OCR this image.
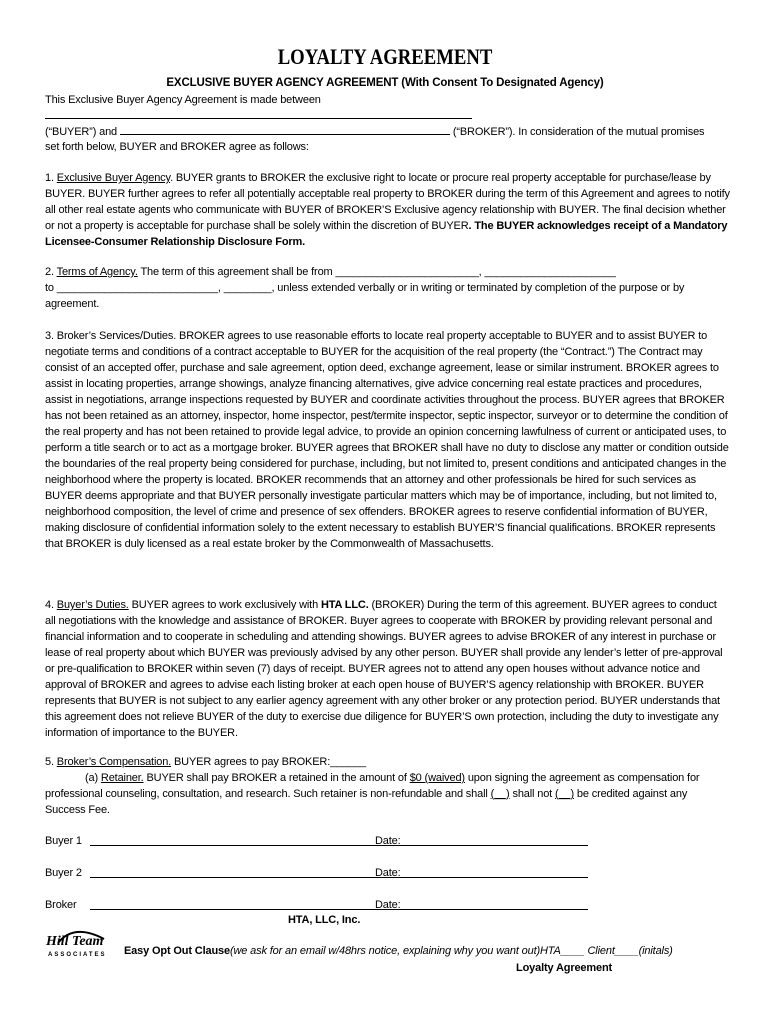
LOYALTY AGREEMENT
EXCLUSIVE BUYER AGENCY AGREEMENT (With Consent To Designated Agency)
This Exclusive Buyer Agency Agreement is made between
(“BUYER”) and	(“BROKER”). In consideration of the mutual promises
set forth below, BUYER and BROKER agree as follows:

1. Exclusive Buyer Agency. BUYER grants to BROKER the exclusive right to locate or procure real property acceptable for purchase/lease by BUYER. BUYER further agrees to refer all potentially acceptable real property to BROKER during the term of this Agreement and agrees to notify all other real estate agents who communicate with BUYER of BROKER’S Exclusive agency relationship with BUYER. The final decision whether or not a property is acceptable for purchase shall be solely within the discretion of BUYER. The BUYER acknowledges receipt of a Mandatory Licensee-Consumer Relationship Disclosure Form.

2. Terms of Agency. The term of this agreement shall be from ________________________, ______________________
to ___________________________, ________, unless extended verbally or in writing or terminated by completion of the purpose or by agreement.

3. Broker’s Services/Duties. BROKER agrees to use reasonable efforts to locate real property acceptable to BUYER and to assist BUYER to negotiate terms and conditions of a contract acceptable to BUYER for the acquisition of the real property (the “Contract.”) The Contract may consist of an accepted offer, purchase and sale agreement, option deed, exchange agreement, lease or similar instrument. BROKER agrees to assist in locating properties, arrange showings, analyze financing alternatives, give advice concerning real estate practices and procedures, assist in negotiations, arrange inspections requested by BUYER and coordinate activities throughout the process. BUYER agrees that BROKER has not been retained as an attorney, inspector, home inspector, pest/termite inspector, septic inspector, surveyor or to determine the condition of the real property and has not been retained to provide legal advice, to provide an opinion concerning lawfulness of current or anticipated uses, to perform a title search or to act as a mortgage broker. BUYER agrees that BROKER shall have no duty to disclose any matter or condition outside the boundaries of the real property being considered for purchase, including, but not limited to, present conditions and anticipated changes in the neighborhood where the property is located. BROKER recommends that an attorney and other professionals be hired for such services as BUYER deems appropriate and that BUYER personally investigate particular matters which may be of importance, including, but not limited to, neighborhood composition, the level of crime and presence of sex offenders. BROKER agrees to reserve confidential information of BUYER, making disclosure of confidential information solely to the extent necessary to establish BUYER’S financial qualifications. BROKER represents that BROKER is duly licensed as a real estate broker by the Commonwealth of Massachusetts.

4. Buyer’s Duties. BUYER agrees to work exclusively with HTA LLC. (BROKER) During the term of this agreement. BUYER agrees to conduct all negotiations with the knowledge and assistance of BROKER. Buyer agrees to cooperate with BROKER by providing relevant personal and financial information and to cooperate in scheduling and attending showings. BUYER agrees to advise BROKER of any interest in purchase or lease of real property about which BUYER was previously advised by any other person. BUYER shall provide any lender’s letter of pre-approval or pre-qualification to BROKER within seven (7) days of receipt. BUYER agrees not to attend any open houses without advance notice and approval of BROKER and agrees to advise each listing broker at each open house of BUYER’S agency relationship with BROKER. BUYER represents that BUYER is not subject to any earlier agency agreement with any other broker or any protection period. BUYER understands that this agreement does not relieve BUYER of the duty to exercise due diligence for BUYER’S own protection, including the duty to investigate any information of importance to the BUYER.

5. Broker’s Compensation. BUYER agrees to pay BROKER:______
(a) Retainer. BUYER shall pay BROKER a retained in the amount of $0 (waived) upon signing the agreement as compensation for professional counseling, consultation, and research. Such retainer is non-refundable and shall (__) shall not (__) be credited against any Success Fee.

Buyer 1	Date:
Buyer 2	Date:
Broker	Date:
HTA, LLC, Inc.
Hill Team
ASSOCIATES Easy Opt Out Clause(we ask for an email w/48hrs notice, explaining why you want out)HTA____ Client____(initals)
Loyalty Agreement
